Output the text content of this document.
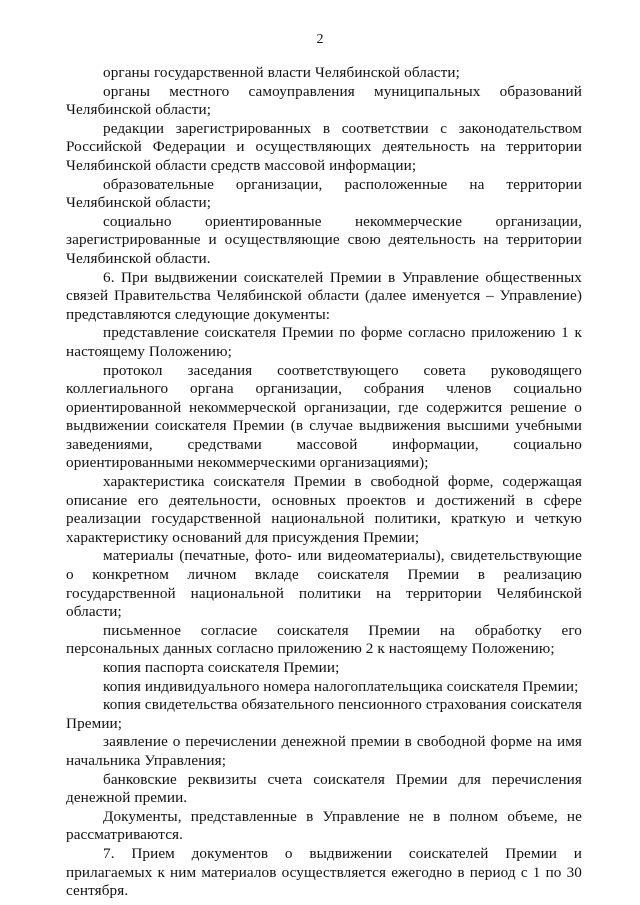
2

органы государственной власти Челябинской области;

органы местного самоуправления муниципальных образований Челябинской области;

редакции зарегистрированных в соответствии с законодательством Российской Федерации и осуществляющих деятельность на территории Челябинской области средств массовой информации;

образовательные организации, расположенные на территории Челябинской области;

социально ориентированные некоммерческие организации, зарегистрированные и осуществляющие свою деятельность на территории Челябинской области.

6. При выдвижении соискателей Премии в Управление общественных связей Правительства Челябинской области (далее именуется – Управление) представляются следующие документы:

представление соискателя Премии по форме согласно приложению 1 к настоящему Положению;

протокол заседания соответствующего совета руководящего коллегиального органа организации, собрания членов социально ориентированной некоммерческой организации, где содержится решение о выдвижении соискателя Премии (в случае выдвижения высшими учебными заведениями, средствами массовой информации, социально ориентированными некоммерческими организациями);

характеристика соискателя Премии в свободной форме, содержащая описание его деятельности, основных проектов и достижений в сфере реализации государственной национальной политики, краткую и четкую характеристику оснований для присуждения Премии;

материалы (печатные, фото- или видеоматериалы), свидетельствующие о конкретном личном вкладе соискателя Премии в реализацию государственной национальной политики на территории Челябинской области;

письменное согласие соискателя Премии на обработку его персональных данных согласно приложению 2 к настоящему Положению;

копия паспорта соискателя Премии;

копия индивидуального номера налогоплательщика соискателя Премии;

копия свидетельства обязательного пенсионного страхования соискателя Премии;

заявление о перечислении денежной премии в свободной форме на имя начальника Управления;

банковские реквизиты счета соискателя Премии для перечисления денежной премии.

Документы, представленные в Управление не в полном объеме, не рассматриваются.

7. Прием документов о выдвижении соискателей Премии и прилагаемых к ним материалов осуществляется ежегодно в период с 1 по 30 сентября.
